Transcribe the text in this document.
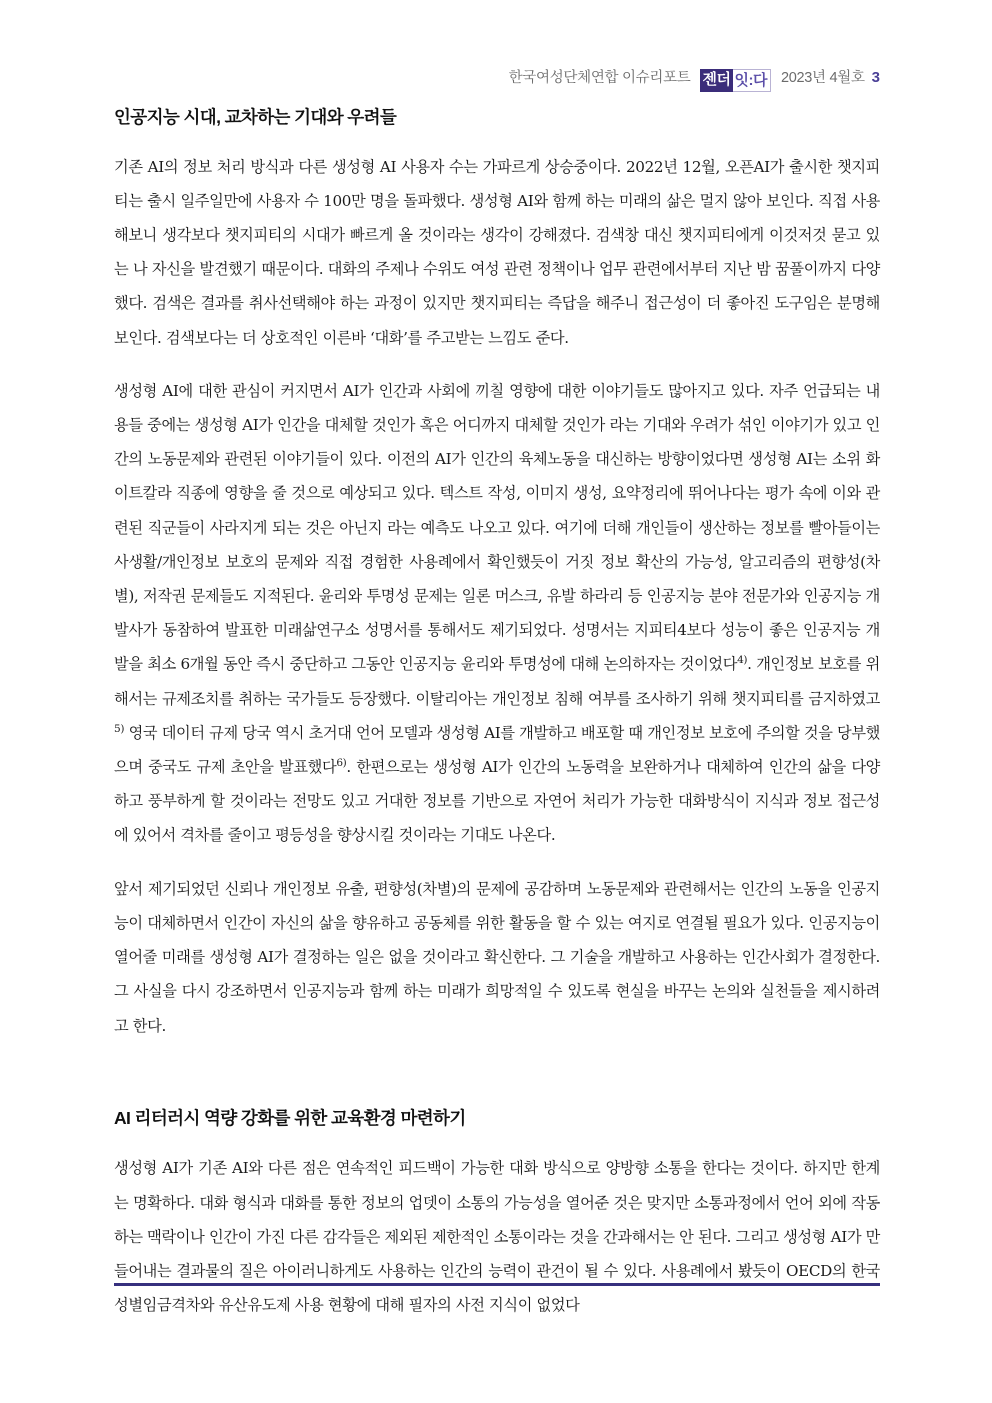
한국여성단체연합 이슈리포트 젠더 잇:다 2023년 4월호 3
인공지능 시대, 교차하는 기대와 우려들

기존 AI의 정보 처리 방식과 다른 생성형 AI 사용자 수는 가파르게 상승중이다. 2022년 12월, 오픈AI가 출시한 챗지피티는 출시 일주일만에 사용자 수 100만 명을 돌파했다. 생성형 AI와 함께 하는 미래의 삶은 멀지 않아 보인다. 직접 사용해보니 생각보다 챗지피티의 시대가 빠르게 올 것이라는 생각이 강해졌다. 검색창 대신 챗지피티에게 이것저것 묻고 있는 나 자신을 발견했기 때문이다. 대화의 주제나 수위도 여성 관련 정책이나 업무 관련에서부터 지난 밤 꿈풀이까지 다양했다. 검색은 결과를 취사선택해야 하는 과정이 있지만 챗지피티는 즉답을 해주니 접근성이 더 좋아진 도구임은 분명해 보인다. 검색보다는 더 상호적인 이른바 ‘대화’를 주고받는 느낌도 준다.

생성형 AI에 대한 관심이 커지면서 AI가 인간과 사회에 끼칠 영향에 대한 이야기들도 많아지고 있다. 자주 언급되는 내용들 중에는 생성형 AI가 인간을 대체할 것인가 혹은 어디까지 대체할 것인가 라는 기대와 우려가 섞인 이야기가 있고 인간의 노동문제와 관련된 이야기들이 있다. 이전의 AI가 인간의 육체노동을 대신하는 방향이었다면 생성형 AI는 소위 화이트칼라 직종에 영향을 줄 것으로 예상되고 있다. 텍스트 작성, 이미지 생성, 요약정리에 뛰어나다는 평가 속에 이와 관련된 직군들이 사라지게 되는 것은 아닌지 라는 예측도 나오고 있다. 여기에 더해 개인들이 생산하는 정보를 빨아들이는 사생활/개인정보 보호의 문제와 직접 경험한 사용례에서 확인했듯이 거짓 정보 확산의 가능성, 알고리즘의 편향성(차별), 저작권 문제들도 지적된다. 윤리와 투명성 문제는 일론 머스크, 유발 하라리 등 인공지능 분야 전문가와 인공지능 개발사가 동참하여 발표한 미래삶연구소 성명서를 통해서도 제기되었다. 성명서는 지피티4보다 성능이 좋은 인공지능 개발을 최소 6개월 동안 즉시 중단하고 그동안 인공지능 윤리와 투명성에 대해 논의하자는 것이었다$^{4)}$. 개인정보 보호를 위해서는 규제조치를 취하는 국가들도 등장했다. 이탈리아는 개인정보 침해 여부를 조사하기 위해 챗지피티를 금지하였고$^{5)}$ 영국 데이터 규제 당국 역시 초거대 언어 모델과 생성형 AI를 개발하고 배포할 때 개인정보 보호에 주의할 것을 당부했으며 중국도 규제 초안을 발표했다$^{6)}$. 한편으로는 생성형 AI가 인간의 노동력을 보완하거나 대체하여 인간의 삶을 다양하고 풍부하게 할 것이라는 전망도 있고 거대한 정보를 기반으로 자연어 처리가 가능한 대화방식이 지식과 정보 접근성에 있어서 격차를 줄이고 평등성을 향상시킬 것이라는 기대도 나온다.

앞서 제기되었던 신뢰나 개인정보 유출, 편향성(차별)의 문제에 공감하며 노동문제와 관련해서는 인간의 노동을 인공지능이 대체하면서 인간이 자신의 삶을 향유하고 공동체를 위한 활동을 할 수 있는 여지로 연결될 필요가 있다. 인공지능이 열어줄 미래를 생성형 AI가 결정하는 일은 없을 것이라고 확신한다. 그 기술을 개발하고 사용하는 인간사회가 결정한다. 그 사실을 다시 강조하면서 인공지능과 함께 하는 미래가 희망적일 수 있도록 현실을 바꾸는 논의와 실천들을 제시하려고 한다.

AI 리터러시 역량 강화를 위한 교육환경 마련하기

생성형 AI가 기존 AI와 다른 점은 연속적인 피드백이 가능한 대화 방식으로 양방향 소통을 한다는 것이다. 하지만 한계는 명확하다. 대화 형식과 대화를 통한 정보의 업뎃이 소통의 가능성을 열어준 것은 맞지만 소통과정에서 언어 외에 작동하는 맥락이나 인간이 가진 다른 감각들은 제외된 제한적인 소통이라는 것을 간과해서는 안 된다. 그리고 생성형 AI가 만들어내는 결과물의 질은 아이러니하게도 사용하는 인간의 능력이 관건이 될 수 있다. 사용례에서 봤듯이 OECD의 한국 성별임금격차와 유산유도제 사용 현황에 대해 필자의 사전 지식이 없었다
